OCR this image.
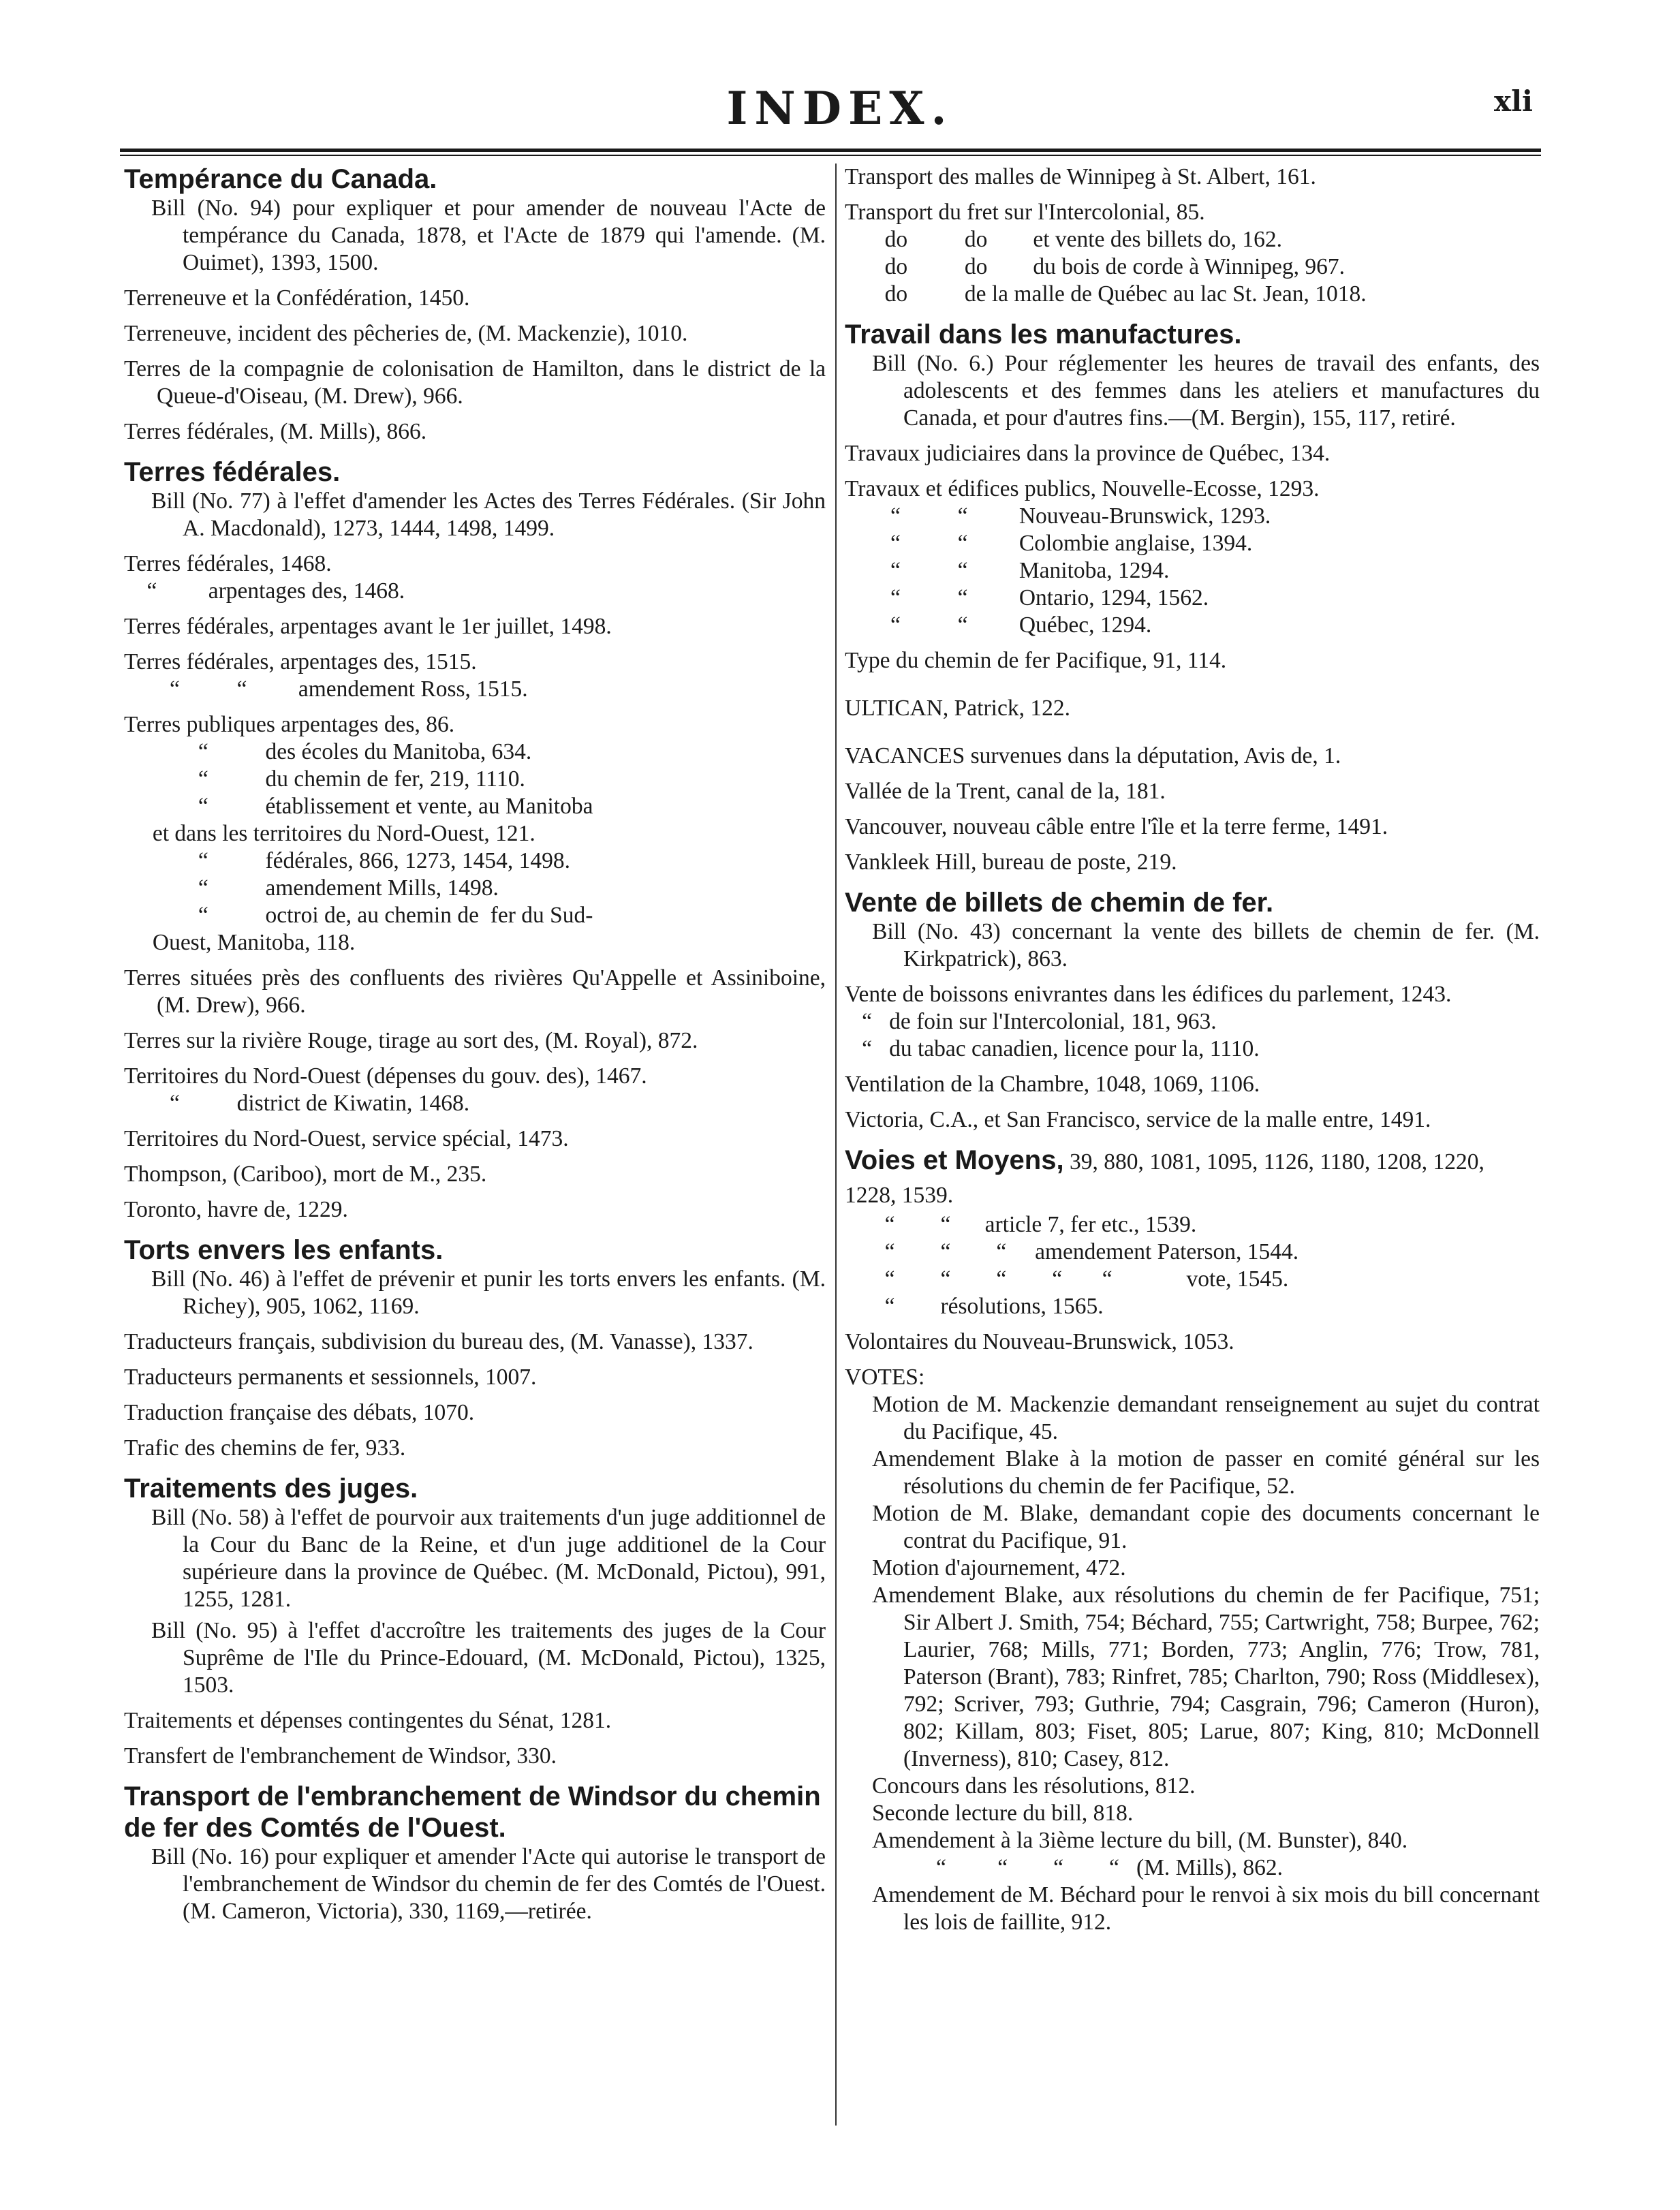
INDEX.	xli
Tempérance du Canada.
Bill (No. 94) pour expliquer et pour amender de nouveau l'Acte de tempérance du Canada, 1878, et l'Acte de 1879 qui l'amende. (M. Ouimet), 1393, 1500.
Terreneuve et la Confédération, 1450.
Terreneuve, incident des pêcheries de, (M. Mackenzie), 1010.
Terres de la compagnie de colonisation de Hamilton, dans le district de la Queue-d'Oiseau, (M. Drew), 966.
Terres fédérales, (M. Mills), 866.
Terres fédérales.
Bill (No. 77) à l'effet d'amender les Actes des Terres Fédérales. (Sir John A. Macdonald), 1273, 1444, 1498, 1499.
Terres fédérales, 1468.
“         arpentages des, 1468.
Terres fédérales, arpentages avant le 1er juillet, 1498.
Terres fédérales, arpentages des, 1515.
“          “         amendement Ross, 1515.
Terres publiques arpentages des, 86.
“          des écoles du Manitoba, 634.
“          du chemin de fer, 219, 1110.
“          établissement et vente, au Manitoba
et dans les territoires du Nord-Ouest, 121.
“          fédérales, 866, 1273, 1454, 1498.
“          amendement Mills, 1498.
“          octroi de, au chemin de  fer du Sud-
Ouest, Manitoba, 118.
Terres situées près des confluents des rivières Qu'Appelle et Assiniboine, (M. Drew), 966.
Terres sur la rivière Rouge, tirage au sort des, (M. Royal), 872.
Territoires du Nord-Ouest (dépenses du gouv. des), 1467.
“          district de Kiwatin, 1468.
Territoires du Nord-Ouest, service spécial, 1473.
Thompson, (Cariboo), mort de M., 235.
Toronto, havre de, 1229.
Torts envers les enfants.
Bill (No. 46) à l'effet de prévenir et punir les torts envers les enfants. (M. Richey), 905, 1062, 1169.
Traducteurs français, subdivision du bureau des, (M. Vanasse), 1337.
Traducteurs permanents et sessionnels, 1007.
Traduction française des débats, 1070.
Trafic des chemins de fer, 933.
Traitements des juges.
Bill (No. 58) à l'effet de pourvoir aux traitements d'un juge additionnel de la Cour du Banc de la Reine, et d'un juge additionel de la Cour supérieure dans la province de Québec. (M. McDonald, Pictou), 991, 1255, 1281.
Bill (No. 95) à l'effet d'accroître les traitements des juges de la Cour Suprême de l'Ile du Prince-Edouard, (M. McDonald, Pictou), 1325, 1503.
Traitements et dépenses contingentes du Sénat, 1281.
Transfert de l'embranchement de Windsor, 330.
Transport de l'embranchement de Windsor du chemin de fer des Comtés de l'Ouest.
Bill (No. 16) pour expliquer et amender l'Acte qui autorise le transport de l'embranchement de Windsor du chemin de fer des Comtés de l'Ouest. (M. Cameron, Victoria), 330, 1169,—retirée.
Transport des malles de Winnipeg à St. Albert, 161.
Transport du fret sur l'Intercolonial, 85.
do          do        et vente des billets do, 162.
do          do        du bois de corde à Winnipeg, 967.
do          de la malle de Québec au lac St. Jean, 1018.
Travail dans les manufactures.
Bill (No. 6.) Pour réglementer les heures de travail des enfants, des adolescents et des femmes dans les ateliers et manufactures du Canada, et pour d'autres fins.—(M. Bergin), 155, 117, retiré.
Travaux judiciaires dans la province de Québec, 134.
Travaux et édifices publics, Nouvelle-Ecosse, 1293.
“          “         Nouveau-Brunswick, 1293.
“          “         Colombie anglaise, 1394.
“          “         Manitoba, 1294.
“          “         Ontario, 1294, 1562.
“          “         Québec, 1294.
Type du chemin de fer Pacifique, 91, 114.
ULTICAN, Patrick, 122.
VACANCES survenues dans la députation, Avis de, 1.
Vallée de la Trent, canal de la, 181.
Vancouver, nouveau câble entre l'île et la terre ferme, 1491.
Vankleek Hill, bureau de poste, 219.
Vente de billets de chemin de fer.
Bill (No. 43) concernant la vente des billets de chemin de fer. (M. Kirkpatrick), 863.
Vente de boissons enivrantes dans les édifices du parlement, 1243.
“   de foin sur l'Intercolonial, 181, 963.
“   du tabac canadien, licence pour la, 1110.
Ventilation de la Chambre, 1048, 1069, 1106.
Victoria, C.A., et San Francisco, service de la malle entre, 1491.
Voies et Moyens, 39, 880, 1081, 1095, 1126, 1180, 1208, 1220, 1228, 1539.
“        “      article 7, fer etc., 1539.
“        “        “     amendement Paterson, 1544.
“        “        “        “       “             vote, 1545.
“        résolutions, 1565.
Volontaires du Nouveau-Brunswick, 1053.
VOTES:
Motion de M. Mackenzie demandant renseignement au sujet du contrat du Pacifique, 45.
Amendement Blake à la motion de passer en comité général sur les résolutions du chemin de fer Pacifique, 52.
Motion de M. Blake, demandant copie des documents concernant le contrat du Pacifique, 91.
Motion d'ajournement, 472.
Amendement Blake, aux résolutions du chemin de fer Pacifique, 751; Sir Albert J. Smith, 754; Béchard, 755; Cartwright, 758; Burpee, 762; Laurier, 768; Mills, 771; Borden, 773; Anglin, 776; Trow, 781, Paterson (Brant), 783; Rinfret, 785; Charlton, 790; Ross (Middlesex), 792; Scriver, 793; Guthrie, 794; Casgrain, 796; Cameron (Huron), 802; Killam, 803; Fiset, 805; Larue, 807; King, 810; McDonnell (Inverness), 810; Casey, 812.
Concours dans les résolutions, 812.
Seconde lecture du bill, 818.
Amendement à la 3ième lecture du bill, (M. Bunster), 840.
“         “        “        “   (M. Mills), 862.
Amendement de M. Béchard pour le renvoi à six mois du bill concernant les lois de faillite, 912.
